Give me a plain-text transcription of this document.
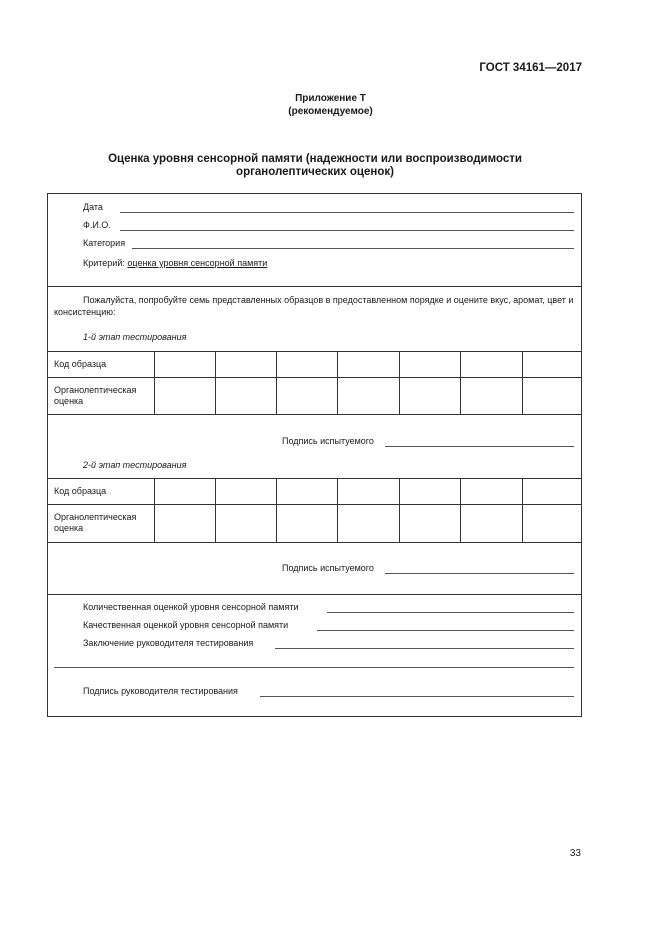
ГОСТ 34161—2017
Приложение Т
(рекомендуемое)
Оценка уровня сенсорной памяти (надежности или воспроизводимости
органолептических оценок)
Дата
Ф.И.О.
Категория
Критерий: оценка уровня сенсорной памяти
Пожалуйста, попробуйте семь представленных образцов в предоставленном порядке и оцените вкус, аромат, цвет и консистенцию:
1-й этап тестирования
Код образца
Органолептическая
оценка
Подпись испытуемого
2-й этап тестирования
Код образца
Органолептическая
оценка
Подпись испытуемого
Количественная оценкой уровня сенсорной памяти
Качественная оценкой уровня сенсорной памяти
Заключение руководителя тестирования
Подпись руководителя тестирования
33
